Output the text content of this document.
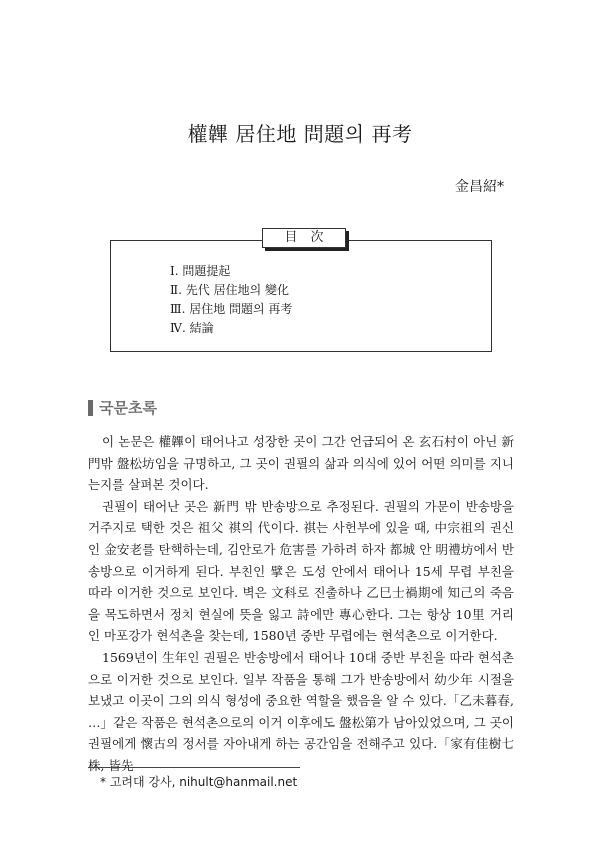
權韠 居住地 問題의 再考
金昌紹*
目　次
Ⅰ. 問題提起
Ⅱ. 先代 居住地의 變化
Ⅲ. 居住地 問題의 再考
Ⅳ. 結論
국문초록

이 논문은 權韠이 태어나고 성장한 곳이 그간 언급되어 온 玄石村이 아닌 新門밖 盤松坊임을 규명하고, 그 곳이 권필의 삶과 의식에 있어 어떤 의미를 지니는지를 살펴본 것이다.

권필이 태어난 곳은 新門 밖 반송방으로 추정된다. 권필의 가문이 반송방을 거주지로 택한 것은 祖父 祺의 代이다. 祺는 사헌부에 있을 때, 中宗祖의 권신인 金安老를 탄핵하는데, 김안로가 危害를 가하려 하자 都城 안 明禮坊에서 반송방으로 이거하게 된다. 부친인 擘은 도성 안에서 태어나 15세 무렵 부친을 따라 이거한 것으로 보인다. 벽은 文科로 진출하나 乙巳士禍期에 知己의 죽음을 목도하면서 정치 현실에 뜻을 잃고 詩에만 專心한다. 그는 항상 10里 거리인 마포강가 현석촌을 찾는데, 1580년 중반 무렵에는 현석촌으로 이거한다.

1569년이 生年인 권필은 반송방에서 태어나 10대 중반 부친을 따라 현석촌으로 이거한 것으로 보인다. 일부 작품을 통해 그가 반송방에서 幼少年 시절을 보냈고 이곳이 그의 의식 형성에 중요한 역할을 했음을 알 수 있다.「乙未暮春, …」같은 작품은 현석촌으로의 이거 이후에도 盤松第가 남아있었으며, 그 곳이 권필에게 懷古의 정서를 자아내게 하는 공간임을 전해주고 있다.「家有佳樹七株, 皆先

* 고려대 강사, nihult@hanmail.net
